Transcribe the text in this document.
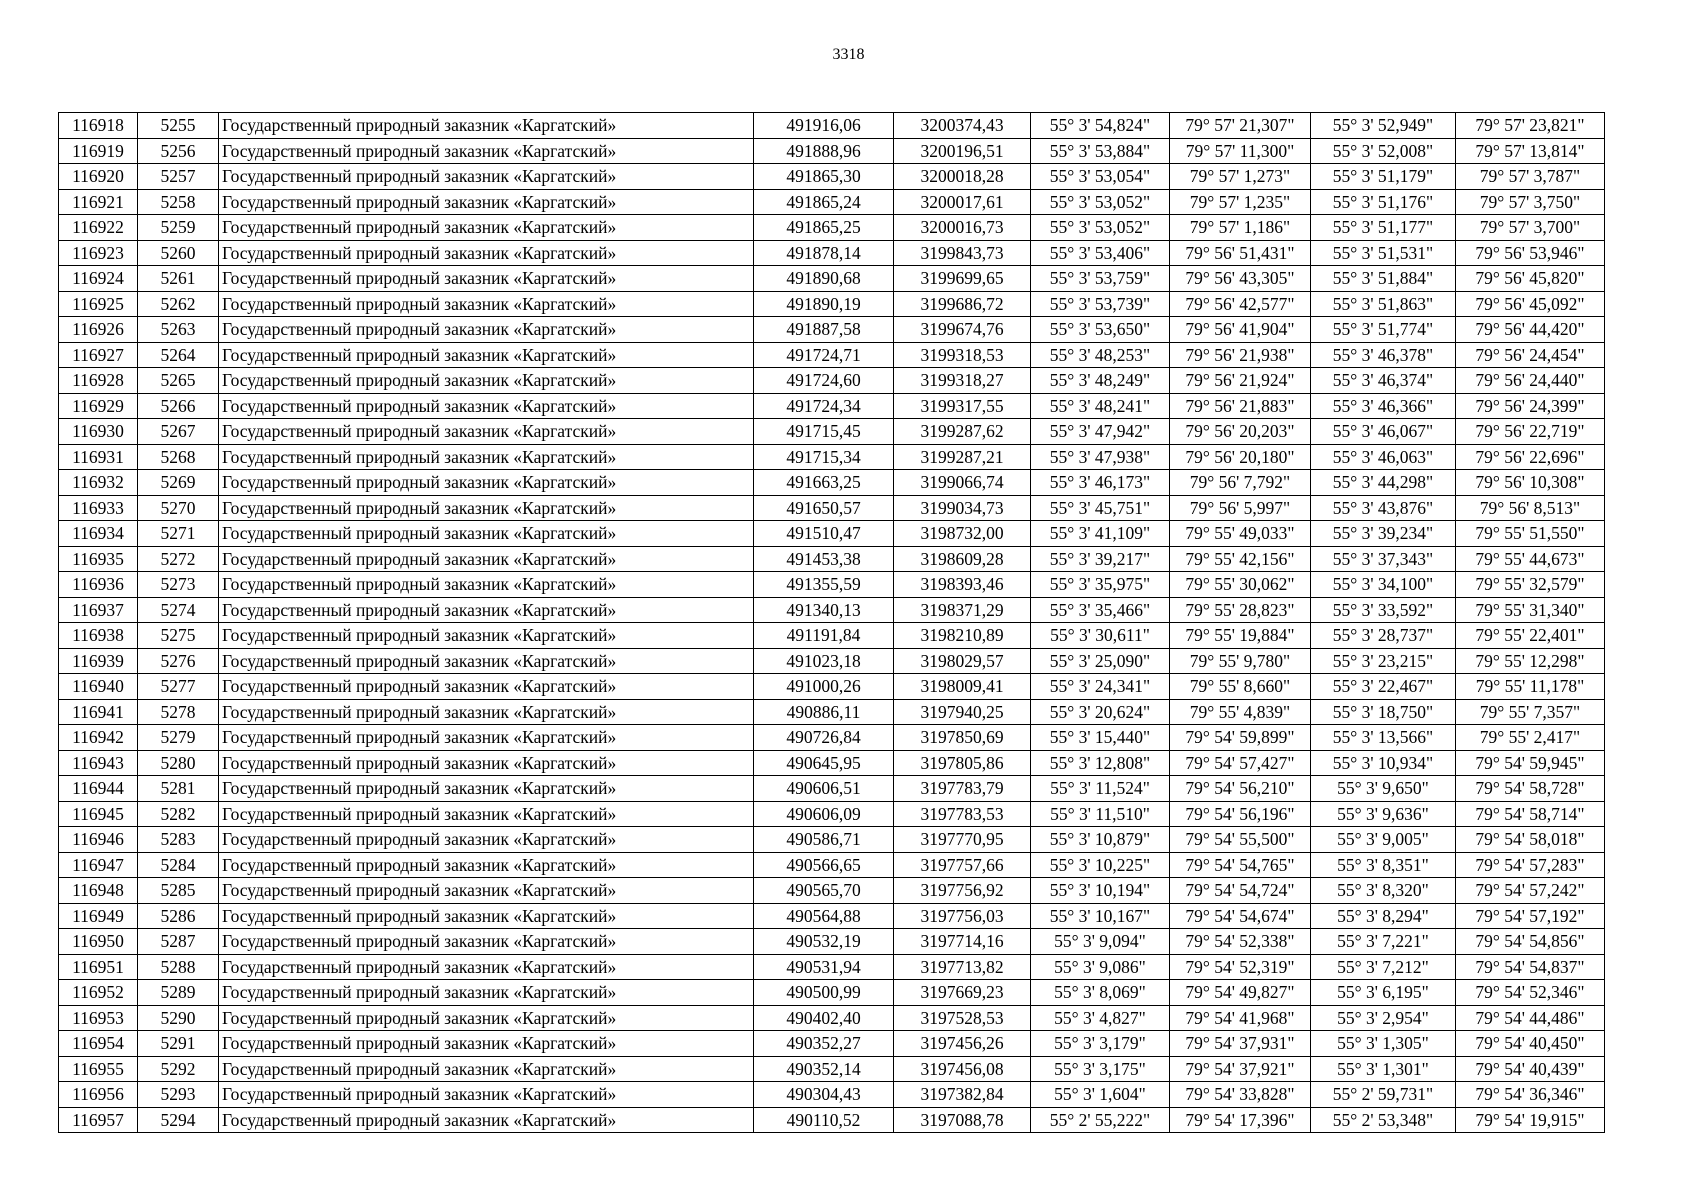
3318
116918	5255	Государственный природный заказник «Каргатский»	491916,06	3200374,43	55° 3' 54,824"	79° 57' 21,307"	55° 3' 52,949"	79° 57' 23,821"
116919	5256	Государственный природный заказник «Каргатский»	491888,96	3200196,51	55° 3' 53,884"	79° 57' 11,300"	55° 3' 52,008"	79° 57' 13,814"
116920	5257	Государственный природный заказник «Каргатский»	491865,30	3200018,28	55° 3' 53,054"	79° 57' 1,273"	55° 3' 51,179"	79° 57' 3,787"
116921	5258	Государственный природный заказник «Каргатский»	491865,24	3200017,61	55° 3' 53,052"	79° 57' 1,235"	55° 3' 51,176"	79° 57' 3,750"
116922	5259	Государственный природный заказник «Каргатский»	491865,25	3200016,73	55° 3' 53,052"	79° 57' 1,186"	55° 3' 51,177"	79° 57' 3,700"
116923	5260	Государственный природный заказник «Каргатский»	491878,14	3199843,73	55° 3' 53,406"	79° 56' 51,431"	55° 3' 51,531"	79° 56' 53,946"
116924	5261	Государственный природный заказник «Каргатский»	491890,68	3199699,65	55° 3' 53,759"	79° 56' 43,305"	55° 3' 51,884"	79° 56' 45,820"
116925	5262	Государственный природный заказник «Каргатский»	491890,19	3199686,72	55° 3' 53,739"	79° 56' 42,577"	55° 3' 51,863"	79° 56' 45,092"
116926	5263	Государственный природный заказник «Каргатский»	491887,58	3199674,76	55° 3' 53,650"	79° 56' 41,904"	55° 3' 51,774"	79° 56' 44,420"
116927	5264	Государственный природный заказник «Каргатский»	491724,71	3199318,53	55° 3' 48,253"	79° 56' 21,938"	55° 3' 46,378"	79° 56' 24,454"
116928	5265	Государственный природный заказник «Каргатский»	491724,60	3199318,27	55° 3' 48,249"	79° 56' 21,924"	55° 3' 46,374"	79° 56' 24,440"
116929	5266	Государственный природный заказник «Каргатский»	491724,34	3199317,55	55° 3' 48,241"	79° 56' 21,883"	55° 3' 46,366"	79° 56' 24,399"
116930	5267	Государственный природный заказник «Каргатский»	491715,45	3199287,62	55° 3' 47,942"	79° 56' 20,203"	55° 3' 46,067"	79° 56' 22,719"
116931	5268	Государственный природный заказник «Каргатский»	491715,34	3199287,21	55° 3' 47,938"	79° 56' 20,180"	55° 3' 46,063"	79° 56' 22,696"
116932	5269	Государственный природный заказник «Каргатский»	491663,25	3199066,74	55° 3' 46,173"	79° 56' 7,792"	55° 3' 44,298"	79° 56' 10,308"
116933	5270	Государственный природный заказник «Каргатский»	491650,57	3199034,73	55° 3' 45,751"	79° 56' 5,997"	55° 3' 43,876"	79° 56' 8,513"
116934	5271	Государственный природный заказник «Каргатский»	491510,47	3198732,00	55° 3' 41,109"	79° 55' 49,033"	55° 3' 39,234"	79° 55' 51,550"
116935	5272	Государственный природный заказник «Каргатский»	491453,38	3198609,28	55° 3' 39,217"	79° 55' 42,156"	55° 3' 37,343"	79° 55' 44,673"
116936	5273	Государственный природный заказник «Каргатский»	491355,59	3198393,46	55° 3' 35,975"	79° 55' 30,062"	55° 3' 34,100"	79° 55' 32,579"
116937	5274	Государственный природный заказник «Каргатский»	491340,13	3198371,29	55° 3' 35,466"	79° 55' 28,823"	55° 3' 33,592"	79° 55' 31,340"
116938	5275	Государственный природный заказник «Каргатский»	491191,84	3198210,89	55° 3' 30,611"	79° 55' 19,884"	55° 3' 28,737"	79° 55' 22,401"
116939	5276	Государственный природный заказник «Каргатский»	491023,18	3198029,57	55° 3' 25,090"	79° 55' 9,780"	55° 3' 23,215"	79° 55' 12,298"
116940	5277	Государственный природный заказник «Каргатский»	491000,26	3198009,41	55° 3' 24,341"	79° 55' 8,660"	55° 3' 22,467"	79° 55' 11,178"
116941	5278	Государственный природный заказник «Каргатский»	490886,11	3197940,25	55° 3' 20,624"	79° 55' 4,839"	55° 3' 18,750"	79° 55' 7,357"
116942	5279	Государственный природный заказник «Каргатский»	490726,84	3197850,69	55° 3' 15,440"	79° 54' 59,899"	55° 3' 13,566"	79° 55' 2,417"
116943	5280	Государственный природный заказник «Каргатский»	490645,95	3197805,86	55° 3' 12,808"	79° 54' 57,427"	55° 3' 10,934"	79° 54' 59,945"
116944	5281	Государственный природный заказник «Каргатский»	490606,51	3197783,79	55° 3' 11,524"	79° 54' 56,210"	55° 3' 9,650"	79° 54' 58,728"
116945	5282	Государственный природный заказник «Каргатский»	490606,09	3197783,53	55° 3' 11,510"	79° 54' 56,196"	55° 3' 9,636"	79° 54' 58,714"
116946	5283	Государственный природный заказник «Каргатский»	490586,71	3197770,95	55° 3' 10,879"	79° 54' 55,500"	55° 3' 9,005"	79° 54' 58,018"
116947	5284	Государственный природный заказник «Каргатский»	490566,65	3197757,66	55° 3' 10,225"	79° 54' 54,765"	55° 3' 8,351"	79° 54' 57,283"
116948	5285	Государственный природный заказник «Каргатский»	490565,70	3197756,92	55° 3' 10,194"	79° 54' 54,724"	55° 3' 8,320"	79° 54' 57,242"
116949	5286	Государственный природный заказник «Каргатский»	490564,88	3197756,03	55° 3' 10,167"	79° 54' 54,674"	55° 3' 8,294"	79° 54' 57,192"
116950	5287	Государственный природный заказник «Каргатский»	490532,19	3197714,16	55° 3' 9,094"	79° 54' 52,338"	55° 3' 7,221"	79° 54' 54,856"
116951	5288	Государственный природный заказник «Каргатский»	490531,94	3197713,82	55° 3' 9,086"	79° 54' 52,319"	55° 3' 7,212"	79° 54' 54,837"
116952	5289	Государственный природный заказник «Каргатский»	490500,99	3197669,23	55° 3' 8,069"	79° 54' 49,827"	55° 3' 6,195"	79° 54' 52,346"
116953	5290	Государственный природный заказник «Каргатский»	490402,40	3197528,53	55° 3' 4,827"	79° 54' 41,968"	55° 3' 2,954"	79° 54' 44,486"
116954	5291	Государственный природный заказник «Каргатский»	490352,27	3197456,26	55° 3' 3,179"	79° 54' 37,931"	55° 3' 1,305"	79° 54' 40,450"
116955	5292	Государственный природный заказник «Каргатский»	490352,14	3197456,08	55° 3' 3,175"	79° 54' 37,921"	55° 3' 1,301"	79° 54' 40,439"
116956	5293	Государственный природный заказник «Каргатский»	490304,43	3197382,84	55° 3' 1,604"	79° 54' 33,828"	55° 2' 59,731"	79° 54' 36,346"
116957	5294	Государственный природный заказник «Каргатский»	490110,52	3197088,78	55° 2' 55,222"	79° 54' 17,396"	55° 2' 53,348"	79° 54' 19,915"
